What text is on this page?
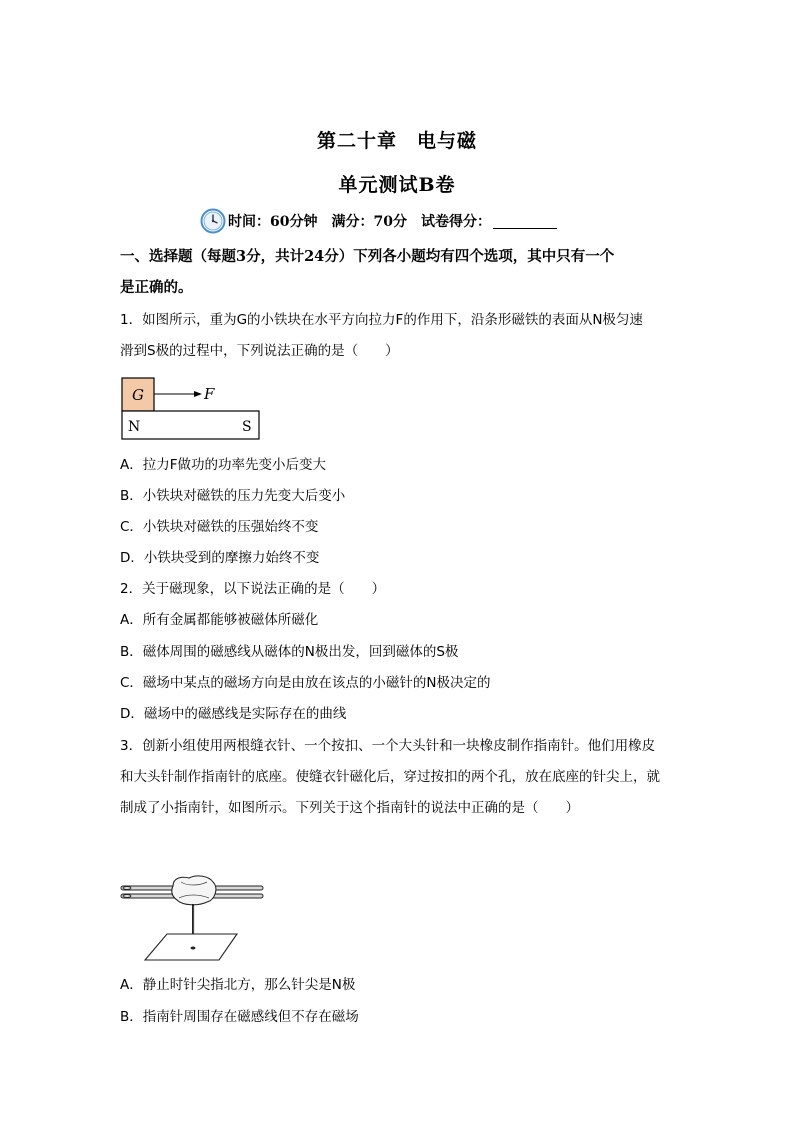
第二十章　电与磁
单元测试B卷
时间：60分钟 满分：70分 试卷得分：
一、选择题（每题3分，共计24分）下列各小题均有四个选项，其中只有一个
是正确的。
1．如图所示，重为G的小铁块在水平方向拉力F的作用下，沿条形磁铁的表面从N极匀速
滑到S极的过程中，下列说法正确的是（　　）
G	F
N	S
A．拉力F做功的功率先变小后变大
B．小铁块对磁铁的压力先变大后变小
C．小铁块对磁铁的压强始终不变
D．小铁块受到的摩擦力始终不变
2．关于磁现象，以下说法正确的是（　　）
A．所有金属都能够被磁体所磁化
B．磁体周围的磁感线从磁体的N极出发，回到磁体的S极
C．磁场中某点的磁场方向是由放在该点的小磁针的N极决定的
D．磁场中的磁感线是实际存在的曲线
3．创新小组使用两根缝衣针、一个按扣、一个大头针和一块橡皮制作指南针。他们用橡皮
和大头针制作指南针的底座。使缝衣针磁化后，穿过按扣的两个孔，放在底座的针尖上，就
制成了小指南针，如图所示。下列关于这个指南针的说法中正确的是（　　）
A．静止时针尖指北方，那么针尖是N极
B．指南针周围存在磁感线但不存在磁场
